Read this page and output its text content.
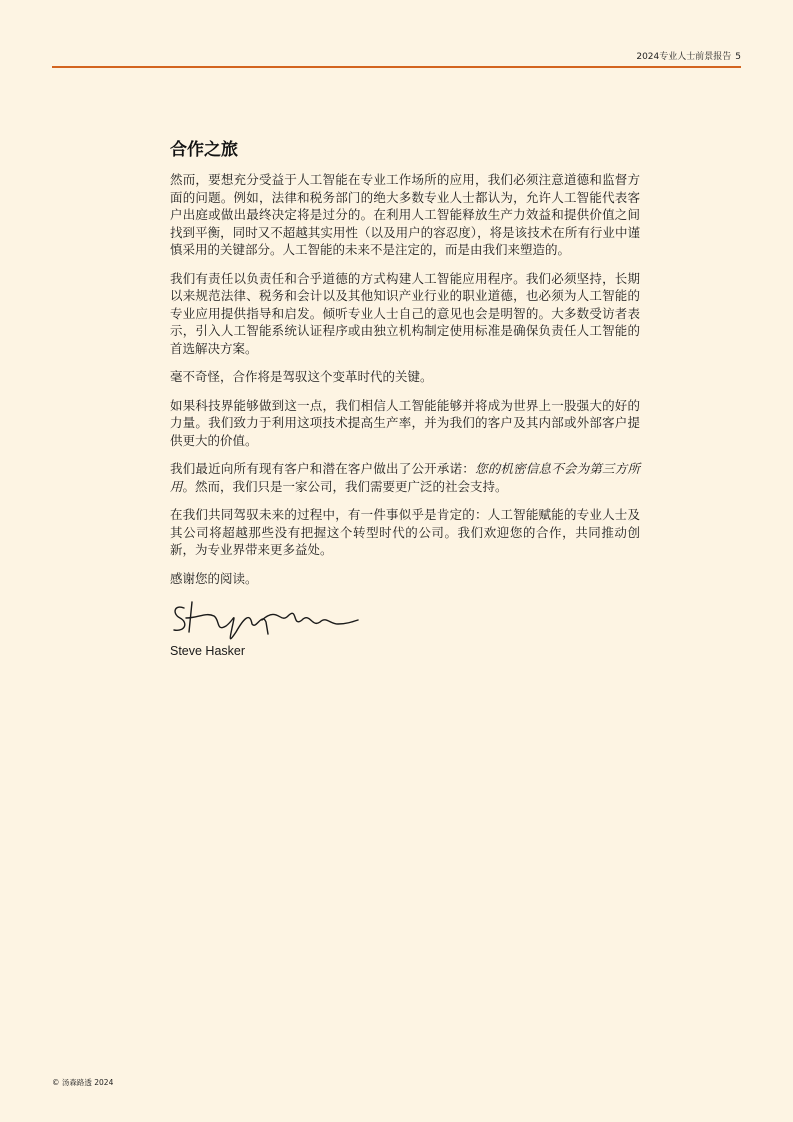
2024专业人士前景报告 5
合作之旅

然而，要想充分受益于人工智能在专业工作场所的应用，我们必须注意道德和监督方面的问题。例如，法律和税务部门的绝大多数专业人士都认为，允许人工智能代表客户出庭或做出最终决定将是过分的。在利用人工智能释放生产力效益和提供价值之间找到平衡，同时又不超越其实用性（以及用户的容忍度），将是该技术在所有行业中谨慎采用的关键部分。人工智能的未来不是注定的，而是由我们来塑造的。

我们有责任以负责任和合乎道德的方式构建人工智能应用程序。我们必须坚持，长期以来规范法律、税务和会计以及其他知识产业行业的职业道德，也必须为人工智能的专业应用提供指导和启发。倾听专业人士自己的意见也会是明智的。大多数受访者表示，引入人工智能系统认证程序或由独立机构制定使用标准是确保负责任人工智能的首选解决方案。

毫不奇怪，合作将是驾驭这个变革时代的关键。

如果科技界能够做到这一点，我们相信人工智能能够并将成为世界上一股强大的好的力量。我们致力于利用这项技术提高生产率，并为我们的客户及其内部或外部客户提供更大的价值。

我们最近向所有现有客户和潜在客户做出了公开承诺：您的机密信息不会为第三方所用。然而，我们只是一家公司，我们需要更广泛的社会支持。

在我们共同驾驭未来的过程中，有一件事似乎是肯定的：人工智能赋能的专业人士及其公司将超越那些没有把握这个转型时代的公司。我们欢迎您的合作，共同推动创新，为专业界带来更多益处。

感谢您的阅读。

Steve Hasker
© 汤森路透 2024
